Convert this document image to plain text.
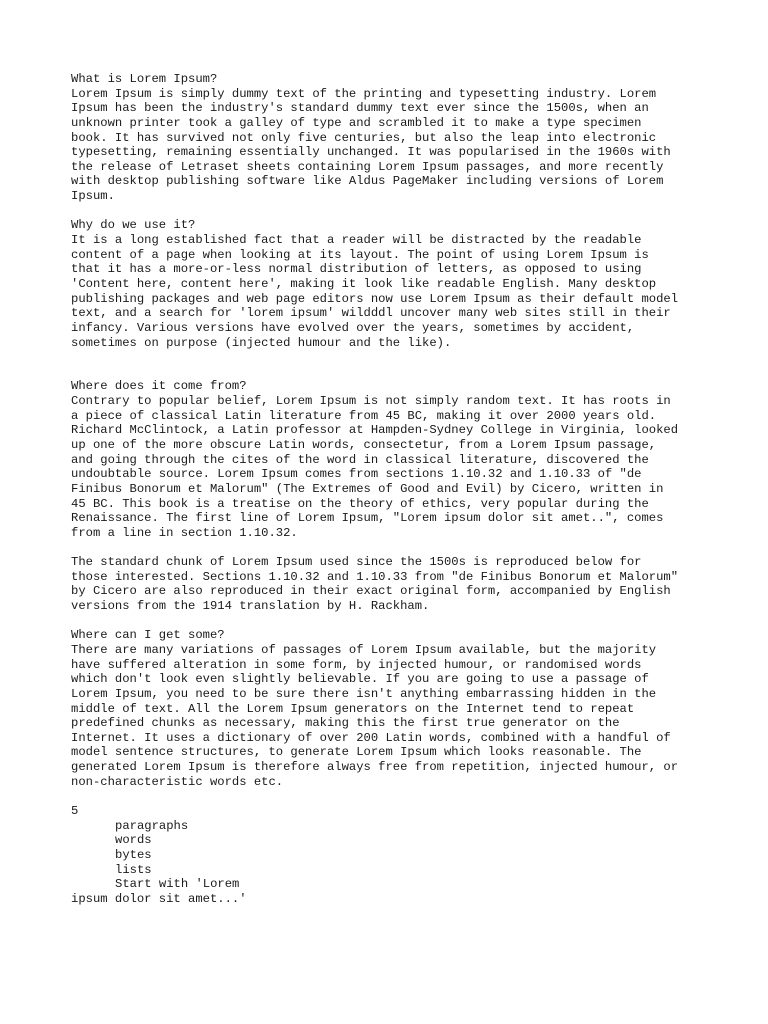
What is Lorem Ipsum?
Lorem Ipsum is simply dummy text of the printing and typesetting industry. Lorem
Ipsum has been the industry's standard dummy text ever since the 1500s, when an
unknown printer took a galley of type and scrambled it to make a type specimen
book. It has survived not only five centuries, but also the leap into electronic
typesetting, remaining essentially unchanged. It was popularised in the 1960s with
the release of Letraset sheets containing Lorem Ipsum passages, and more recently
with desktop publishing software like Aldus PageMaker including versions of Lorem
Ipsum.
Why do we use it?
It is a long established fact that a reader will be distracted by the readable
content of a page when looking at its layout. The point of using Lorem Ipsum is
that it has a more-or-less normal distribution of letters, as opposed to using
'Content here, content here', making it look like readable English. Many desktop
publishing packages and web page editors now use Lorem Ipsum as their default model
text, and a search for 'lorem ipsum' wildddl uncover many web sites still in their
infancy. Various versions have evolved over the years, sometimes by accident,
sometimes on purpose (injected humour and the like).
Where does it come from?
Contrary to popular belief, Lorem Ipsum is not simply random text. It has roots in
a piece of classical Latin literature from 45 BC, making it over 2000 years old.
Richard McClintock, a Latin professor at Hampden-Sydney College in Virginia, looked
up one of the more obscure Latin words, consectetur, from a Lorem Ipsum passage,
and going through the cites of the word in classical literature, discovered the
undoubtable source. Lorem Ipsum comes from sections 1.10.32 and 1.10.33 of "de
Finibus Bonorum et Malorum" (The Extremes of Good and Evil) by Cicero, written in
45 BC. This book is a treatise on the theory of ethics, very popular during the
Renaissance. The first line of Lorem Ipsum, "Lorem ipsum dolor sit amet..", comes
from a line in section 1.10.32.
The standard chunk of Lorem Ipsum used since the 1500s is reproduced below for
those interested. Sections 1.10.32 and 1.10.33 from "de Finibus Bonorum et Malorum"
by Cicero are also reproduced in their exact original form, accompanied by English
versions from the 1914 translation by H. Rackham.
Where can I get some?
There are many variations of passages of Lorem Ipsum available, but the majority
have suffered alteration in some form, by injected humour, or randomised words
which don't look even slightly believable. If you are going to use a passage of
Lorem Ipsum, you need to be sure there isn't anything embarrassing hidden in the
middle of text. All the Lorem Ipsum generators on the Internet tend to repeat
predefined chunks as necessary, making this the first true generator on the
Internet. It uses a dictionary of over 200 Latin words, combined with a handful of
model sentence structures, to generate Lorem Ipsum which looks reasonable. The
generated Lorem Ipsum is therefore always free from repetition, injected humour, or
non-characteristic words etc.
5
paragraphs
words
bytes
lists
Start with 'Lorem
ipsum dolor sit amet...'
